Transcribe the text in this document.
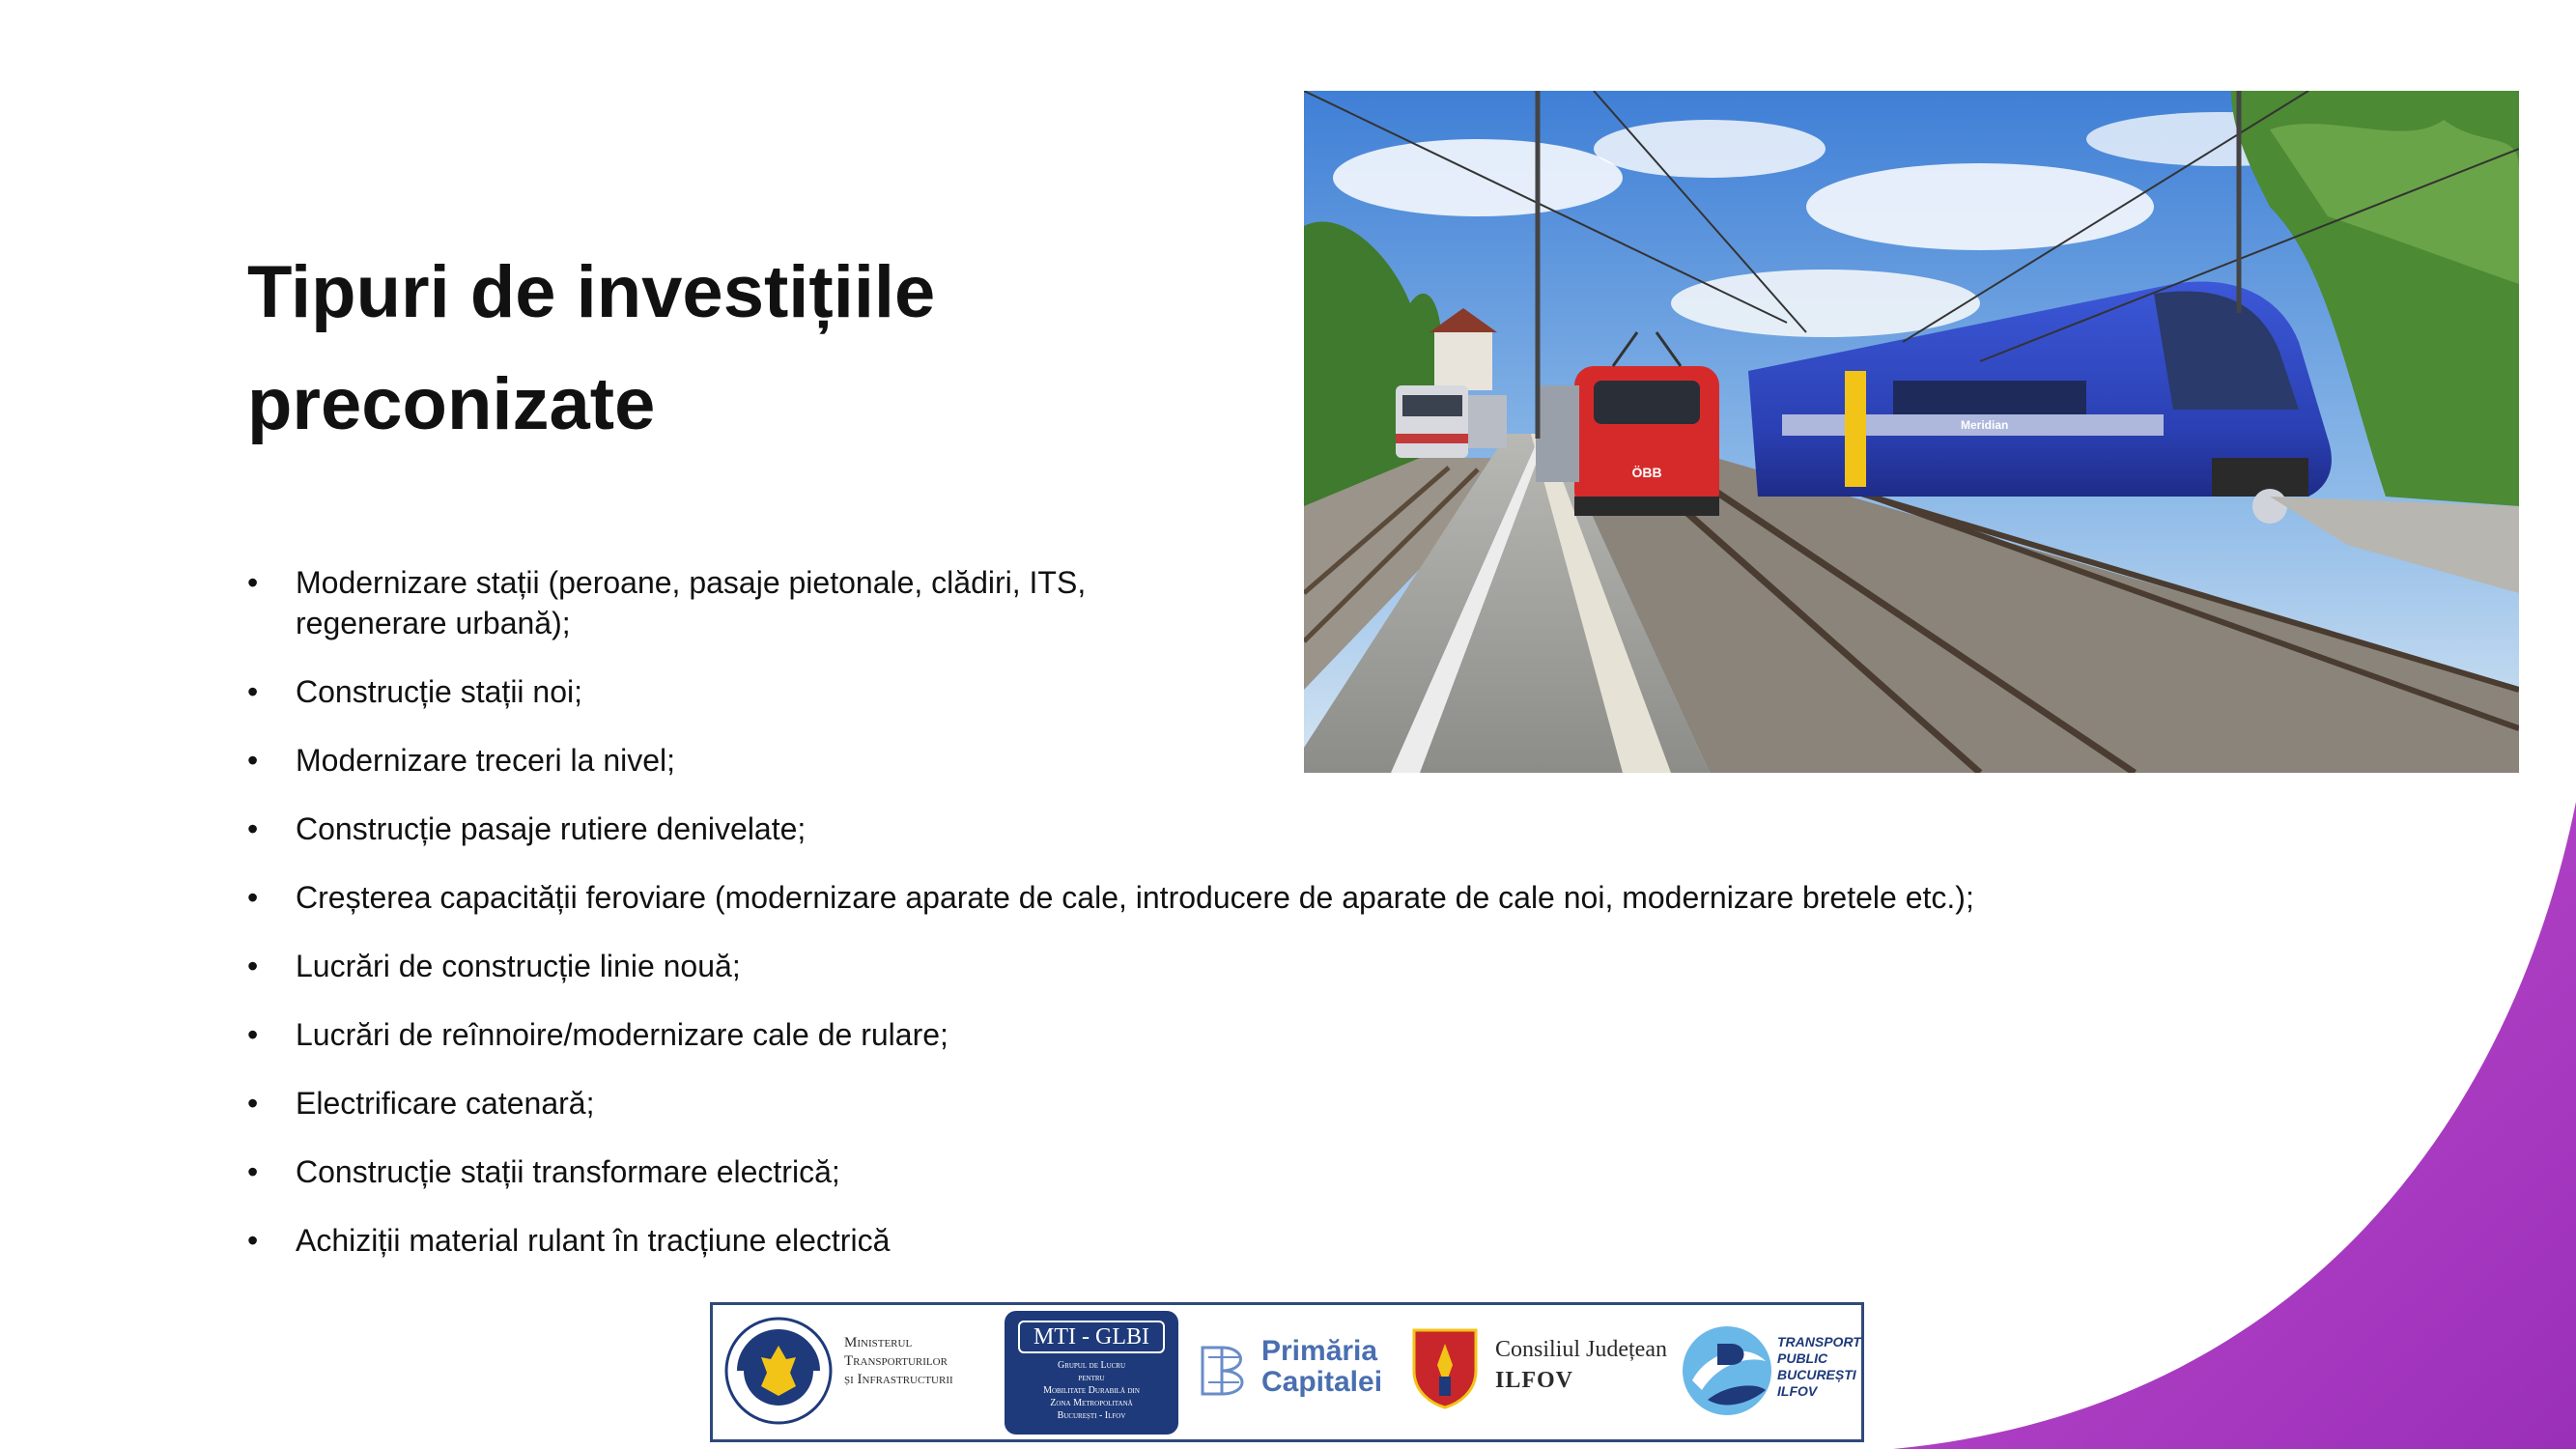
Tipuri de investițiile
preconizate
• Modernizare stații (peroane, pasaje pietonale, clădiri, ITS,
regenerare urbană);
• Construcție stații noi;
• Modernizare treceri la nivel;
• Construcție pasaje rutiere denivelate;
• Creșterea capacității feroviare (modernizare aparate de cale, introducere de aparate de cale noi, modernizare bretele etc.);
• Lucrări de construcție linie nouă;
• Lucrări de reînnoire/modernizare cale de rulare;
• Electrificare catenară;
• Construcție stații transformare electrică;
• Achiziții material rulant în tracțiune electrică
ÖBB
Meridian
Ministerul Transporturilor
și Infrastructurii
MTI - GLBI
Grupul de Lucru
pentru
Mobilitate Durabilă din
Zona Metropolitană
București - Ilfov
Primăria
Capitalei
Consiliul Județean
ILFOV
TRANSPORT
PUBLIC
BUCUREȘTI
ILFOV
